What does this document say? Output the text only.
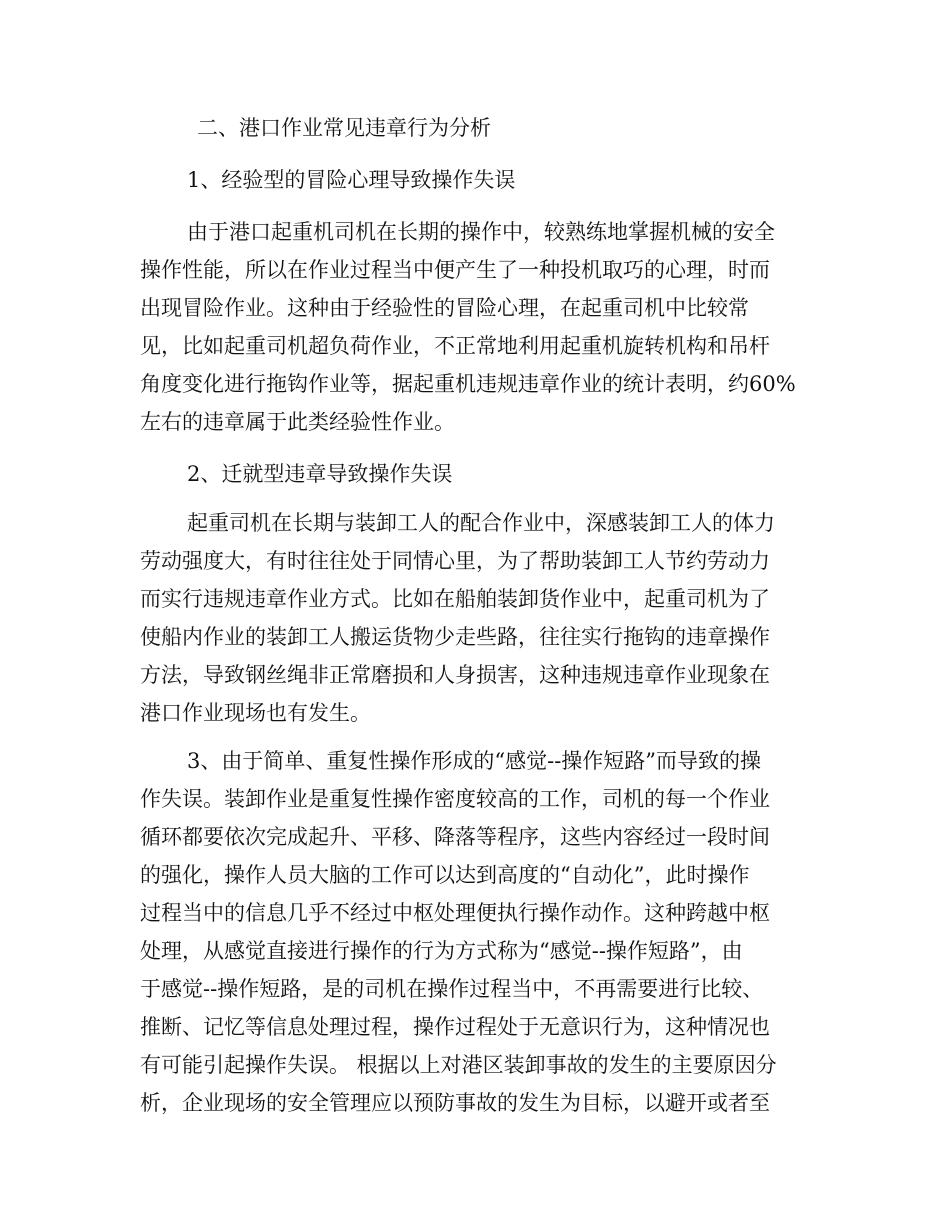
二、港口作业常见违章行为分析

1、经验型的冒险心理导致操作失误

由于港口起重机司机在长期的操作中，较熟练地掌握机械的安全

操作性能，所以在作业过程当中便产生了一种投机取巧的心理，时而

出现冒险作业。这种由于经验性的冒险心理，在起重司机中比较常

见，比如起重司机超负荷作业，不正常地利用起重机旋转机构和吊杆

角度变化进行拖钩作业等，据起重机违规违章作业的统计表明，约60%

左右的违章属于此类经验性作业。

2、迁就型违章导致操作失误

起重司机在长期与装卸工人的配合作业中，深感装卸工人的体力

劳动强度大，有时往往处于同情心里，为了帮助装卸工人节约劳动力

而实行违规违章作业方式。比如在船舶装卸货作业中，起重司机为了

使船内作业的装卸工人搬运货物少走些路，往往实行拖钩的违章操作

方法，导致钢丝绳非正常磨损和人身损害，这种违规违章作业现象在

港口作业现场也有发生。

3、由于简单、重复性操作形成的“感觉--操作短路”而导致的操

作失误。装卸作业是重复性操作密度较高的工作，司机的每一个作业

循环都要依次完成起升、平移、降落等程序，这些内容经过一段时间

的强化，操作人员大脑的工作可以达到高度的“自动化”，此时操作

过程当中的信息几乎不经过中枢处理便执行操作动作。这种跨越中枢

处理，从感觉直接进行操作的行为方式称为“感觉--操作短路”，由

于感觉--操作短路，是的司机在操作过程当中，不再需要进行比较、

推断、记忆等信息处理过程，操作过程处于无意识行为，这种情况也

有可能引起操作失误。 根据以上对港区装卸事故的发生的主要原因分

析，企业现场的安全管理应以预防事故的发生为目标，以避开或者至
